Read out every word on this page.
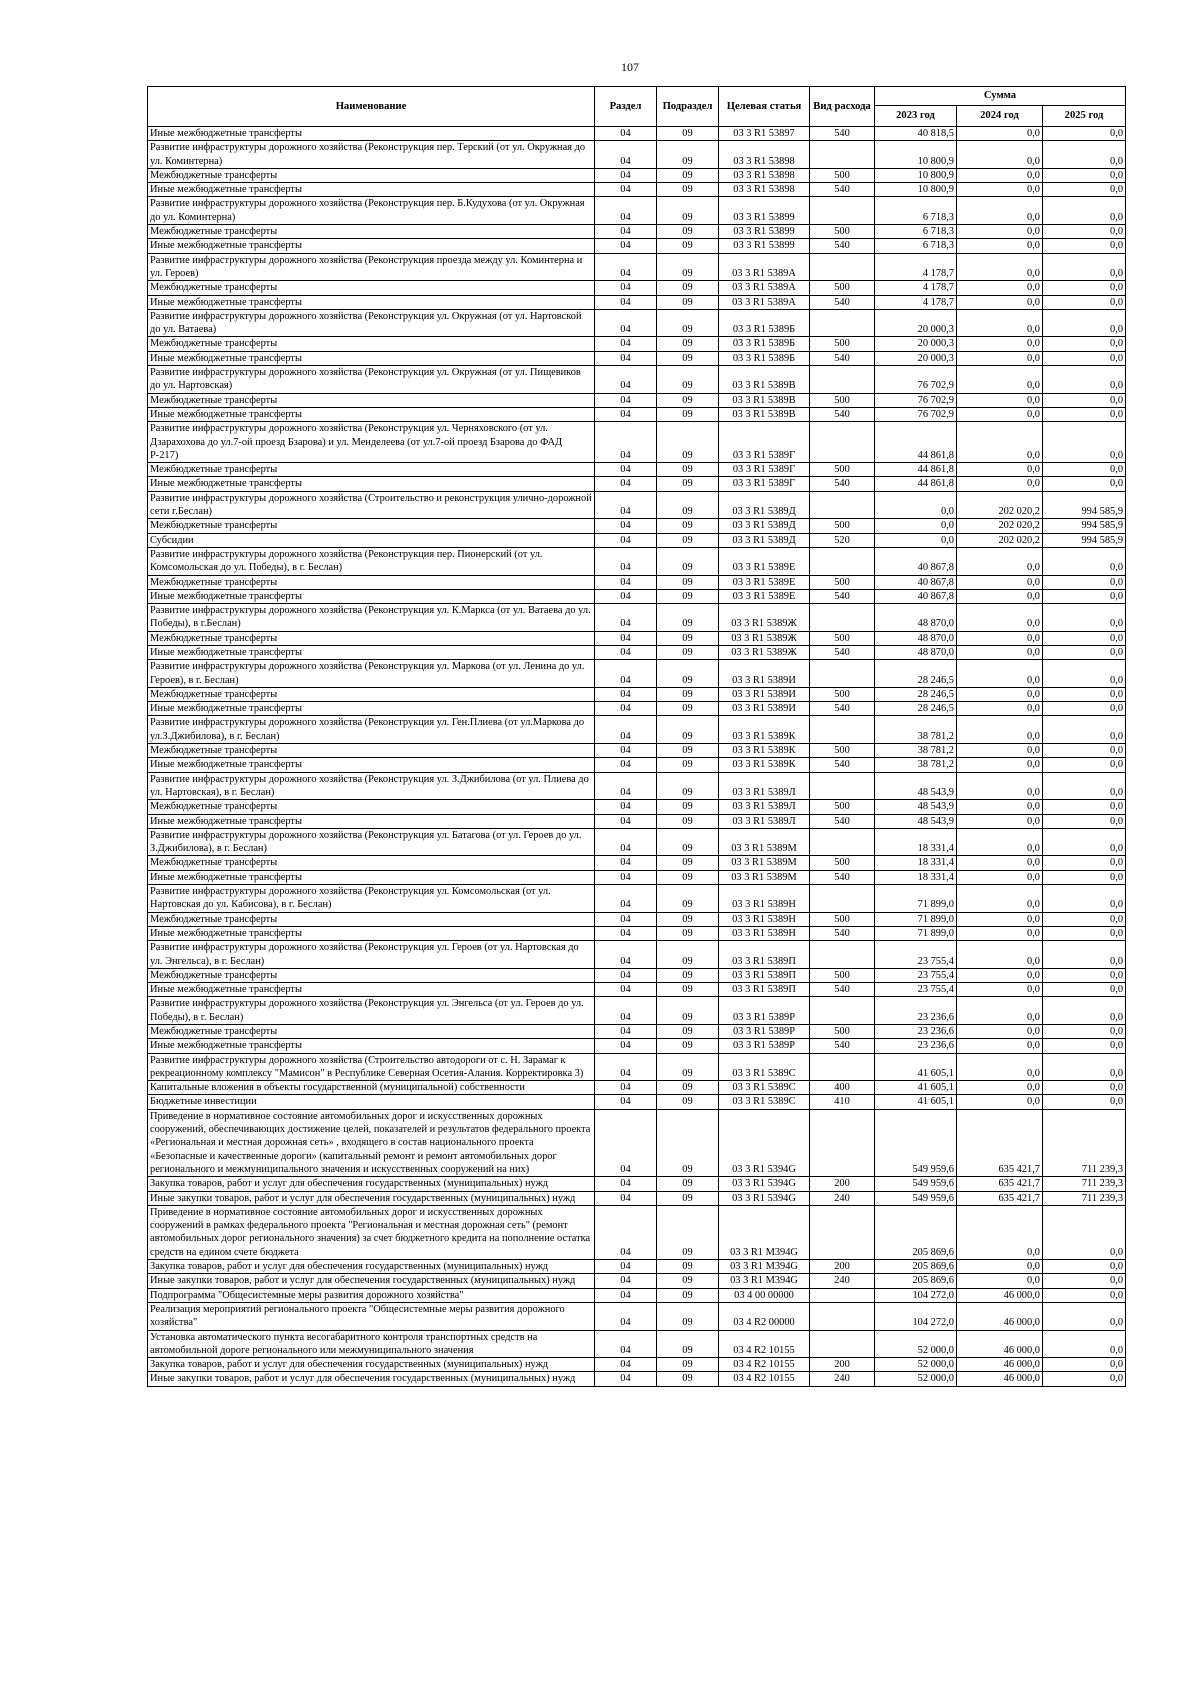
107
Наименование	Раздел	Подраздел	Целевая статья	Вид расхода	Сумма		
					2023 год	2024 год	2025 год
Иные межбюджетные трансферты	04	09	03 3 R1 53897	540	40 818,5	0,0	0,0
Развитие инфраструктуры дорожного хозяйства (Реконструкция пер. Терский (от ул. Окружная до ул. Коминтерна)	04	09	03 3 R1 53898		10 800,9	0,0	0,0
Межбюджетные трансферты	04	09	03 3 R1 53898	500	10 800,9	0,0	0,0
Иные межбюджетные трансферты	04	09	03 3 R1 53898	540	10 800,9	0,0	0,0
Развитие инфраструктуры дорожного хозяйства (Реконструкция пер. Б.Кудухова (от ул. Окружная до ул. Коминтерна)	04	09	03 3 R1 53899		6 718,3	0,0	0,0
Межбюджетные трансферты	04	09	03 3 R1 53899	500	6 718,3	0,0	0,0
Иные межбюджетные трансферты	04	09	03 3 R1 53899	540	6 718,3	0,0	0,0
Развитие инфраструктуры дорожного хозяйства (Реконструкция проезда между ул. Коминтерна и ул. Героев)	04	09	03 3 R1 5389А		4 178,7	0,0	0,0
Межбюджетные трансферты	04	09	03 3 R1 5389А	500	4 178,7	0,0	0,0
Иные межбюджетные трансферты	04	09	03 3 R1 5389А	540	4 178,7	0,0	0,0
Развитие инфраструктуры дорожного хозяйства (Реконструкция ул. Окружная (от ул. Нартовской до ул. Ватаева)	04	09	03 3 R1 5389Б		20 000,3	0,0	0,0
Межбюджетные трансферты	04	09	03 3 R1 5389Б	500	20 000,3	0,0	0,0
Иные межбюджетные трансферты	04	09	03 3 R1 5389Б	540	20 000,3	0,0	0,0
Развитие инфраструктуры дорожного хозяйства (Реконструкция ул. Окружная (от ул. Пищевиков до ул. Нартовская)	04	09	03 3 R1 5389В		76 702,9	0,0	0,0
Межбюджетные трансферты	04	09	03 3 R1 5389В	500	76 702,9	0,0	0,0
Иные межбюджетные трансферты	04	09	03 3 R1 5389В	540	76 702,9	0,0	0,0
Развитие инфраструктуры дорожного хозяйства (Реконструкция ул. Черняховского (от ул. Дзарахохова до ул.7-ой проезд Бзарова) и ул. Менделеева (от ул.7-ой проезд Бзарова до ФАД Р-217)	04	09	03 3 R1 5389Г		44 861,8	0,0	0,0
Межбюджетные трансферты	04	09	03 3 R1 5389Г	500	44 861,8	0,0	0,0
Иные межбюджетные трансферты	04	09	03 3 R1 5389Г	540	44 861,8	0,0	0,0
Развитие инфраструктуры дорожного хозяйства (Строительство и реконструкция улично-дорожной сети г.Беслан)	04	09	03 3 R1 5389Д		0,0	202 020,2	994 585,9
Межбюджетные трансферты	04	09	03 3 R1 5389Д	500	0,0	202 020,2	994 585,9
Субсидии	04	09	03 3 R1 5389Д	520	0,0	202 020,2	994 585,9
Развитие инфраструктуры дорожного хозяйства (Реконструкция пер. Пионерский (от ул. Комсомольская до ул. Победы), в г. Беслан)	04	09	03 3 R1 5389Е		40 867,8	0,0	0,0
Межбюджетные трансферты	04	09	03 3 R1 5389Е	500	40 867,8	0,0	0,0
Иные межбюджетные трансферты	04	09	03 3 R1 5389Е	540	40 867,8	0,0	0,0
Развитие инфраструктуры дорожного хозяйства (Реконструкция ул. К.Маркса (от ул. Ватаева до ул. Победы), в г.Беслан)	04	09	03 3 R1 5389Ж		48 870,0	0,0	0,0
Межбюджетные трансферты	04	09	03 3 R1 5389Ж	500	48 870,0	0,0	0,0
Иные межбюджетные трансферты	04	09	03 3 R1 5389Ж	540	48 870,0	0,0	0,0
Развитие инфраструктуры дорожного хозяйства (Реконструкция ул. Маркова (от ул. Ленина до ул. Героев), в г. Беслан)	04	09	03 3 R1 5389И		28 246,5	0,0	0,0
Межбюджетные трансферты	04	09	03 3 R1 5389И	500	28 246,5	0,0	0,0
Иные межбюджетные трансферты	04	09	03 3 R1 5389И	540	28 246,5	0,0	0,0
Развитие инфраструктуры дорожного хозяйства (Реконструкция ул. Ген.Плиева (от ул.Маркова до ул.З.Джибилова), в г. Беслан)	04	09	03 3 R1 5389К		38 781,2	0,0	0,0
Межбюджетные трансферты	04	09	03 3 R1 5389К	500	38 781,2	0,0	0,0
Иные межбюджетные трансферты	04	09	03 3 R1 5389К	540	38 781,2	0,0	0,0
Развитие инфраструктуры дорожного хозяйства (Реконструкция ул. З.Джибилова (от ул. Плиева до ул. Нартовская), в г. Беслан)	04	09	03 3 R1 5389Л		48 543,9	0,0	0,0
Межбюджетные трансферты	04	09	03 3 R1 5389Л	500	48 543,9	0,0	0,0
Иные межбюджетные трансферты	04	09	03 3 R1 5389Л	540	48 543,9	0,0	0,0
Развитие инфраструктуры дорожного хозяйства (Реконструкция ул. Батагова (от ул. Героев до ул. З.Джибилова), в г. Беслан)	04	09	03 3 R1 5389М		18 331,4	0,0	0,0
Межбюджетные трансферты	04	09	03 3 R1 5389М	500	18 331,4	0,0	0,0
Иные межбюджетные трансферты	04	09	03 3 R1 5389М	540	18 331,4	0,0	0,0
Развитие инфраструктуры дорожного хозяйства (Реконструкция ул. Комсомольская (от ул. Нартовская до ул. Кабисова), в г. Беслан)	04	09	03 3 R1 5389Н		71 899,0	0,0	0,0
Межбюджетные трансферты	04	09	03 3 R1 5389Н	500	71 899,0	0,0	0,0
Иные межбюджетные трансферты	04	09	03 3 R1 5389Н	540	71 899,0	0,0	0,0
Развитие инфраструктуры дорожного хозяйства (Реконструкция ул. Героев (от ул. Нартовская до ул. Энгельса), в г. Беслан)	04	09	03 3 R1 5389П		23 755,4	0,0	0,0
Межбюджетные трансферты	04	09	03 3 R1 5389П	500	23 755,4	0,0	0,0
Иные межбюджетные трансферты	04	09	03 3 R1 5389П	540	23 755,4	0,0	0,0
Развитие инфраструктуры дорожного хозяйства (Реконструкция ул. Энгельса (от ул. Героев до ул. Победы), в г. Беслан)	04	09	03 3 R1 5389Р		23 236,6	0,0	0,0
Межбюджетные трансферты	04	09	03 3 R1 5389Р	500	23 236,6	0,0	0,0
Иные межбюджетные трансферты	04	09	03 3 R1 5389Р	540	23 236,6	0,0	0,0
Развитие инфраструктуры дорожного хозяйства (Строительство автодороги от с. Н. Зарамаг к рекреационному комплексу "Мамисон" в Республике Северная Осетия-Алания. Корректировка 3)	04	09	03 3 R1 5389С		41 605,1	0,0	0,0
Капитальные вложения в объекты государственной (муниципальной) собственности	04	09	03 3 R1 5389С	400	41 605,1	0,0	0,0
Бюджетные инвестиции	04	09	03 3 R1 5389С	410	41 605,1	0,0	0,0
Приведение в нормативное состояние автомобильных дорог и искусственных дорожных сооружений, обеспечивающих достижение целей, показателей и результатов федерального проекта «Региональная и местная дорожная сеть» , входящего в состав национального проекта «Безопасные и качественные дороги» (капитальный ремонт и ремонт автомобильных дорог регионального и межмуниципального значения и искусственных сооружений на них)	04	09	03 3 R1 5394G		549 959,6	635 421,7	711 239,3
Закупка товаров, работ и услуг для обеспечения государственных (муниципальных) нужд	04	09	03 3 R1 5394G	200	549 959,6	635 421,7	711 239,3
Иные закупки товаров, работ и услуг для обеспечения государственных (муниципальных) нужд	04	09	03 3 R1 5394G	240	549 959,6	635 421,7	711 239,3
Приведение в нормативное состояние автомобильных дорог и искусственных дорожных сооружений в рамках федерального проекта "Региональная и местная дорожная сеть" (ремонт автомобильных дорог регионального значения) за счет бюджетного кредита на пополнение остатка средств на едином счете бюджета	04	09	03 3 R1 М394G		205 869,6	0,0	0,0
Закупка товаров, работ и услуг для обеспечения государственных (муниципальных) нужд	04	09	03 3 R1 М394G	200	205 869,6	0,0	0,0
Иные закупки товаров, работ и услуг для обеспечения государственных (муниципальных) нужд	04	09	03 3 R1 М394G	240	205 869,6	0,0	0,0
Подпрограмма "Общесистемные меры развития дорожного хозяйства"	04	09	03 4 00 00000		104 272,0	46 000,0	0,0
Реализация мероприятий регионального проекта "Общесистемные меры развития дорожного хозяйства"	04	09	03 4 R2 00000		104 272,0	46 000,0	0,0
Установка автоматического пункта весогабаритного контроля транспортных средств на автомобильной дороге регионального или межмуниципального значения	04	09	03 4 R2 10155		52 000,0	46 000,0	0,0
Закупка товаров, работ и услуг для обеспечения государственных (муниципальных) нужд	04	09	03 4 R2 10155	200	52 000,0	46 000,0	0,0
Иные закупки товаров, работ и услуг для обеспечения государственных (муниципальных) нужд	04	09	03 4 R2 10155	240	52 000,0	46 000,0	0,0
